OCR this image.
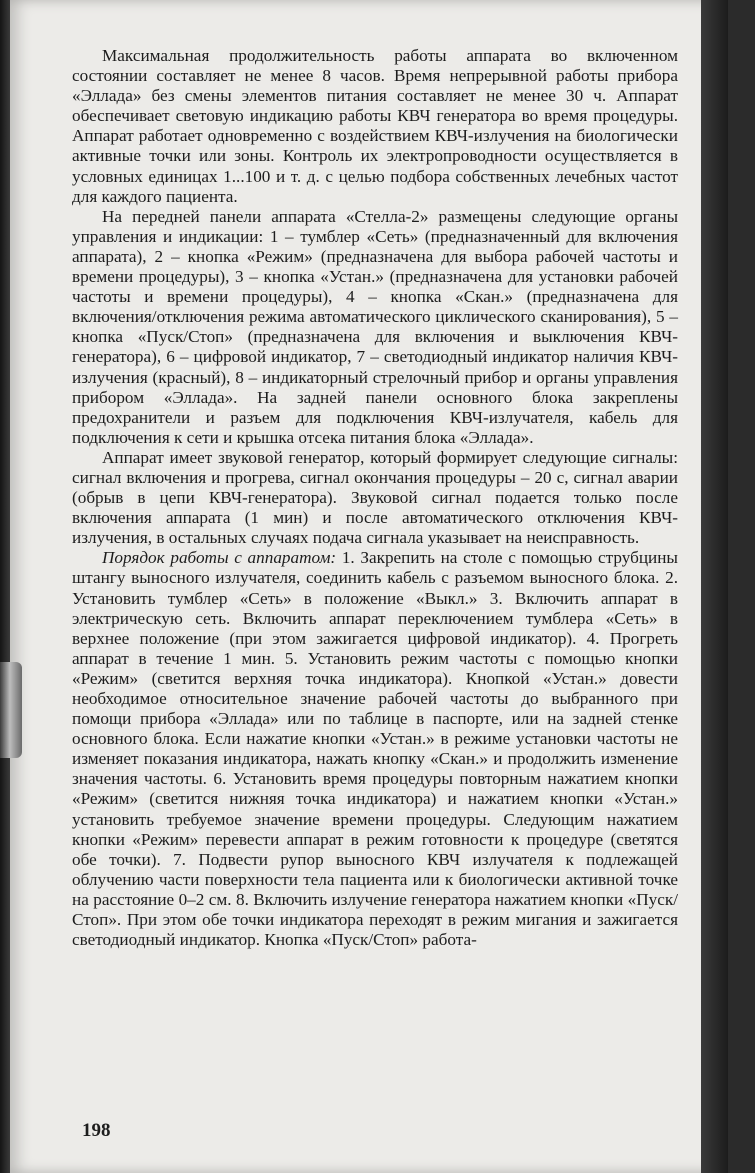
Максимальная продолжительность работы аппарата во включенном состоянии составляет не менее 8 часов. Время непрерывной работы прибора «Эллада» без смены элементов питания составляет не менее 30 ч. Аппарат обеспечивает световую индикацию работы КВЧ генератора во время процедуры. Аппарат работает одновременно с воздействием КВЧ-излучения на биологически активные точки или зоны. Контроль их электропроводности осуществляется в условных единицах 1...100 и т. д. с целью подбора собственных лечебных частот для каждого пациента.

На передней панели аппарата «Стелла-2» размещены следующие органы управления и индикации: 1 – тумблер «Сеть» (предназначенный для включения аппарата), 2 – кнопка «Режим» (предназначена для выбора рабочей частоты и времени процедуры), 3 – кнопка «Устан.» (предназначена для установки рабочей частоты и времени процедуры), 4 – кнопка «Скан.» (предназначена для включения/отключения режима автоматического циклического сканирования), 5 – кнопка «Пуск/Стоп» (предназначена для включения и выключения КВЧ-генератора), 6 – цифровой индикатор, 7 – светодиодный индикатор наличия КВЧ-излучения (красный), 8 – индикаторный стрелочный прибор и органы управления прибором «Эллада». На задней панели основного блока закреплены предохранители и разъем для подключения КВЧ-излучателя, кабель для подключения к сети и крышка отсека питания блока «Эллада».

Аппарат имеет звуковой генератор, который формирует следующие сигналы: сигнал включения и прогрева, сигнал окончания процедуры – 20 с, сигнал аварии (обрыв в цепи КВЧ-генератора). Звуковой сигнал подается только после включения аппарата (1 мин) и после автоматического отключения КВЧ-излучения, в остальных случаях подача сигнала указывает на неисправность.

Порядок работы с аппаратом: 1. Закрепить на столе с помощью струбцины штангу выносного излучателя, соединить кабель с разъемом выносного блока. 2. Установить тумблер «Сеть» в положение «Выкл.» 3. Включить аппарат в электрическую сеть. Включить аппарат переключением тумблера «Сеть» в верхнее положение (при этом зажигается цифровой индикатор). 4. Прогреть аппарат в течение 1 мин. 5. Установить режим частоты с помощью кнопки «Режим» (светится верхняя точка индикатора). Кнопкой «Устан.» довести необходимое относительное значение рабочей частоты до выбранного при помощи прибора «Эллада» или по таблице в паспорте, или на задней стенке основного блока. Если нажатие кнопки «Устан.» в режиме установки частоты не изменяет показания индикатора, нажать кнопку «Скан.» и продолжить изменение значения частоты. 6. Установить время процедуры повторным нажатием кнопки «Режим» (светится нижняя точка индикатора) и нажатием кнопки «Устан.» установить требуемое значение времени процедуры. Следующим нажатием кнопки «Режим» перевести аппарат в режим готовности к процедуре (светятся обе точки). 7. Подвести рупор выносного КВЧ излучателя к подлежащей облучению части поверхности тела пациента или к биологически активной точке на расстояние 0–2 см. 8. Включить излучение генератора нажатием кнопки «Пуск/Стоп». При этом обе точки индикатора переходят в режим мигания и зажигается светодиодный индикатор. Кнопка «Пуск/Стоп» работа-

198
